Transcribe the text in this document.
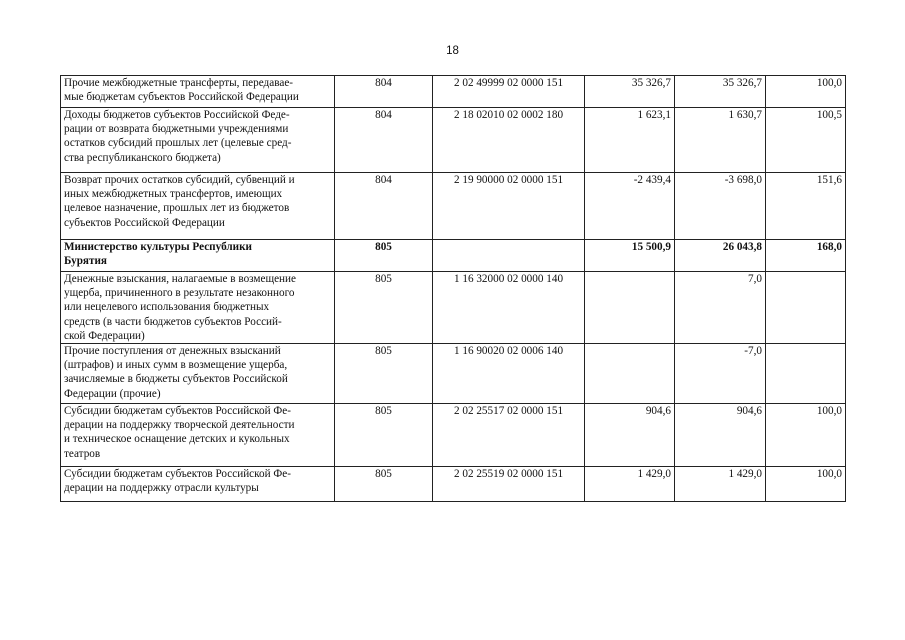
18
Прочие межбюджетные трансферты, передавае-
мые бюджетам субъектов Российской Федерации	804	2 02 49999 02 0000 151	35 326,7	35 326,7	100,0

Доходы бюджетов субъектов Российской Феде-
рации от возврата бюджетными учреждениями
остатков субсидий прошлых лет (целевые сред-
ства республиканского бюджета)	804	2 18 02010 02 0002 180	1 623,1	1 630,7	100,5

Возврат прочих остатков субсидий, субвенций и
иных межбюджетных трансфертов, имеющих
целевое назначение, прошлых лет из бюджетов
субъектов Российской Федерации	804	2 19 90000 02 0000 151	-2 439,4	-3 698,0	151,6

Министерство культуры Республики
Бурятия	805		15 500,9	26 043,8	168,0

Денежные взыскания, налагаемые в возмещение
ущерба, причиненного в результате незаконного
или нецелевого использования бюджетных
средств (в части бюджетов субъектов Россий-
ской Федерации)	805	1 16 32000 02 0000 140		7,0	

Прочие поступления от денежных взысканий
(штрафов) и иных сумм в возмещение ущерба,
зачисляемые в бюджеты субъектов Российской
Федерации (прочие)	805	1 16 90020 02 0006 140		-7,0	

Субсидии бюджетам субъектов Российской Фе-
дерации на поддержку творческой деятельности
и техническое оснащение детских и кукольных
театров	805	2 02 25517 02 0000 151	904,6	904,6	100,0

Субсидии бюджетам субъектов Российской Фе-
дерации на поддержку отрасли культуры	805	2 02 25519 02 0000 151	1 429,0	1 429,0	100,0
